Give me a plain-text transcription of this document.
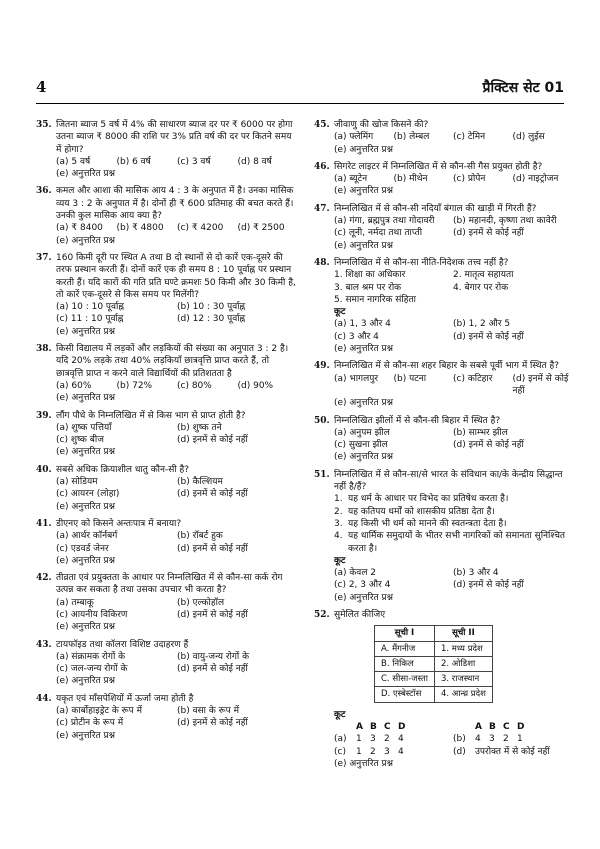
4	प्रैक्टिस सेट 01
35. जितना ब्याज 5 वर्ष में 4% की साधारण ब्याज दर पर ₹ 6000 पर होगा उतना ब्याज ₹ 8000 की राशि पर 3% प्रति वर्ष की दर पर कितने समय में होगा?
(a) 5 वर्ष	(b) 6 वर्ष	(c) 3 वर्ष	(d) 8 वर्ष
(e) अनुत्तरित प्रश्न
36. कमल और आशा की मासिक आय 4 : 3 के अनुपात में है। उनका मासिक व्यय 3 : 2 के अनुपात में है। दोनों ही ₹ 600 प्रतिमाह की बचत करते हैं। उनकी कुल मासिक आय क्या है?
(a) ₹ 8400	(b) ₹ 4800	(c) ₹ 4200	(d) ₹ 2500
(e) अनुत्तरित प्रश्न
37. 160 किमी दूरी पर स्थित A तथा B दो स्थानों से दो कारें एक-दूसरे की तरफ प्रस्थान करती हैं। दोनों कारें एक ही समय 8 : 10 पूर्वाह्न पर प्रस्थान करती हैं। यदि कारों की गति प्रति घण्टे क्रमशः 50 किमी और 30 किमी है, तो कारें एक-दूसरे से किस समय पर मिलेंगी?
(a) 10 : 10 पूर्वाह्न	(b) 10 : 30 पूर्वाह्न
(c) 11 : 10 पूर्वाह्न	(d) 12 : 30 पूर्वाह्न
(e) अनुत्तरित प्रश्न
38. किसी विद्यालय में लड़कों और लड़कियों की संख्या का अनुपात 3 : 2 है। यदि 20% लड़के तथा 40% लड़कियाँ छात्रवृत्ति प्राप्त करते हैं, तो छात्रवृत्ति प्राप्त न करने वाले विद्यार्थियों की प्रतिशतता है
(a) 60%	(b) 72%	(c) 80%	(d) 90%
(e) अनुत्तरित प्रश्न
39. लौंग पौधे के निम्नलिखित में से किस भाग से प्राप्त होती है?
(a) शुष्क पत्तियाँ	(b) शुष्क तने
(c) शुष्क बीज	(d) इनमें से कोई नहीं
(e) अनुत्तरित प्रश्न
40. सबसे अधिक क्रियाशील धातु कौन-सी है?
(a) सोडियम	(b) कैल्शियम
(c) आयरन (लोहा)	(d) इनमें से कोई नहीं
(e) अनुत्तरित प्रश्न
41. डीएनए को किसने अन्तःपात्र में बनाया?
(a) आर्थर कॉर्नबर्ग	(b) रॉबर्ट हुक
(c) एडवर्ड जेनर	(d) इनमें से कोई नहीं
(e) अनुत्तरित प्रश्न
42. तीव्रता एवं प्रयुक्तता के आधार पर निम्नलिखित में से कौन-सा कर्क रोग उत्पन्न कर सकता है तथा उसका उपचार भी करता है?
(a) तम्बाकू	(b) एल्कोहॉल
(c) आयनीय विकिरण	(d) इनमें से कोई नहीं
(e) अनुत्तरित प्रश्न
43. टायफॉइड तथा कॉलरा विशिष्ट उदाहरण हैं
(a) संक्रामक रोगों के	(b) वायु-जन्य रोगों के
(c) जल-जन्य रोगों के	(d) इनमें से कोई नहीं
(e) अनुत्तरित प्रश्न
44. यकृत एवं माँसपेशियों में ऊर्जा जमा होती है
(a) कार्बोहाइड्रेट के रूप में	(b) वसा के रूप में
(c) प्रोटीन के रूप में	(d) इनमें से कोई नहीं
(e) अनुत्तरित प्रश्न
45. जीवाणु की खोज किसने की?
(a) फ्लेमिंग	(b) लेम्बल	(c) टेमिन	(d) लुईस
(e) अनुत्तरित प्रश्न
46. सिगरेट लाइटर में निम्नलिखित में से कौन-सी गैस प्रयुक्त होती है?
(a) ब्यूटेन	(b) मीथेन	(c) प्रोपेन	(d) नाइट्रोजन
(e) अनुत्तरित प्रश्न
47. निम्नलिखित में से कौन-सी नदियाँ बंगाल की खाड़ी में गिरती हैं?
(a) गंगा, ब्रह्मपुत्र तथा गोदावरी	(b) महानदी, कृष्णा तथा कावेरी
(c) लूनी, नर्मदा तथा ताप्ती	(d) इनमें से कोई नहीं
(e) अनुत्तरित प्रश्न
48. निम्नलिखित में से कौन-सा नीति-निदेशक तत्त्व नहीं है?
1. शिक्षा का अधिकार	2. मातृत्व सहायता
3. बाल श्रम पर रोक	4. बेगार पर रोक
5. समान नागरिक संहिता
कूट
(a) 1, 3 और 4	(b) 1, 2 और 5
(c) 3 और 4	(d) इनमें से कोई नहीं
(e) अनुत्तरित प्रश्न
49. निम्नलिखित में से कौन-सा शहर बिहार के सबसे पूर्वी भाग में स्थित है?
(a) भागलपुर	(b) पटना	(c) कटिहार	(d) इनमें से कोई नहीं
(e) अनुत्तरित प्रश्न
50. निम्नलिखित झीलों में से कौन-सी बिहार में स्थित है?
(a) अनुपम झील	(b) साम्भर झील
(c) सुखना झील	(d) इनमें से कोई नहीं
(e) अनुत्तरित प्रश्न
51. निम्नलिखित में से कौन-सा/से भारत के संविधान का/के केन्द्रीय सिद्धान्त नहीं है/हैं?
1. यह धर्म के आधार पर विभेद का प्रतिषेध करता है।
2. यह कतिपय धर्मों को शासकीय प्रतिष्ठा देता है।
3. यह किसी भी धर्म को मानने की स्वतन्त्रता देता है।
4. यह धार्मिक समुदायों के भीतर सभी नागरिकों को समानता सुनिश्चित करता है।
कूट
(a) केवल 2	(b) 3 और 4
(c) 2, 3 और 4	(d) इनमें से कोई नहीं
(e) अनुत्तरित प्रश्न
52. सुमेलित कीजिए
सूची I	सूची II
A. मैंगनीज	1. मध्य प्रदेश
B. निकिल	2. ओडिशा
C. सीसा-जस्ता	3. राजस्थान
D. एस्बेस्टॉस	4. आन्ध्र प्रदेश
कूट
A B C D	A B C D
(a)	1 3 2 4	(b)	4 3 2 1
(c)	1 2 3 4	(d)	उपरोक्त में से कोई नहीं
(e) अनुत्तरित प्रश्न
